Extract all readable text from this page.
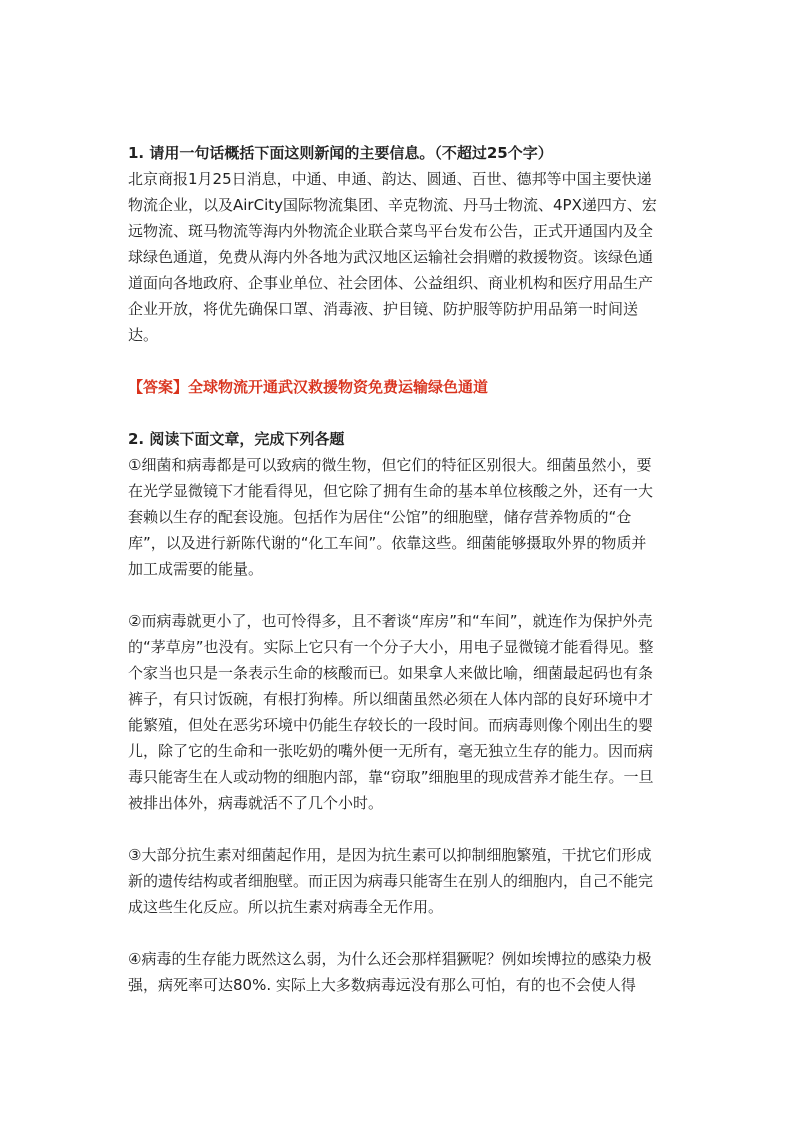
1. 请用一句话概括下面这则新闻的主要信息。（不超过25个字）
北京商报1月25日消息，中通、申通、韵达、圆通、百世、德邦等中国主要快递
物流企业，以及AirCity国际物流集团、辛克物流、丹马士物流、4PX递四方、宏
远物流、斑马物流等海内外物流企业联合菜鸟平台发布公告，正式开通国内及全
球绿色通道，免费从海内外各地为武汉地区运输社会捐赠的救援物资。该绿色通
道面向各地政府、企事业单位、社会团体、公益组织、商业机构和医疗用品生产
企业开放，将优先确保口罩、消毒液、护目镜、防护服等防护用品第一时间送
达。
【答案】全球物流开通武汉救援物资免费运输绿色通道
2. 阅读下面文章，完成下列各题
①细菌和病毒都是可以致病的微生物，但它们的特征区别很大。细菌虽然小，要
在光学显微镜下才能看得见，但它除了拥有生命的基本单位核酸之外，还有一大
套赖以生存的配套设施。包括作为居住“公馆”的细胞壁，储存营养物质的“仓
库”，以及进行新陈代谢的“化工车间”。依靠这些。细菌能够摄取外界的物质并
加工成需要的能量。
②而病毒就更小了，也可怜得多，且不奢谈“库房”和“车间”，就连作为保护外壳
的“茅草房”也没有。实际上它只有一个分子大小，用电子显微镜才能看得见。整
个家当也只是一条表示生命的核酸而已。如果拿人来做比喻，细菌最起码也有条
裤子，有只讨饭碗，有根打狗棒。所以细菌虽然必须在人体内部的良好环境中才
能繁殖，但处在恶劣环境中仍能生存较长的一段时间。而病毒则像个刚出生的婴
儿，除了它的生命和一张吃奶的嘴外便一无所有，毫无独立生存的能力。因而病
毒只能寄生在人或动物的细胞内部，靠“窃取”细胞里的现成营养才能生存。一旦
被排出体外，病毒就活不了几个小时。
③大部分抗生素对细菌起作用，是因为抗生素可以抑制细胞繁殖，干扰它们形成
新的遗传结构或者细胞壁。而正因为病毒只能寄生在别人的细胞内，自己不能完
成这些生化反应。所以抗生素对病毒全无作用。
④病毒的生存能力既然这么弱，为什么还会那样猖獗呢？例如埃博拉的感染力极
强，病死率可达80%. 实际上大多数病毒远没有那么可怕，有的也不会使人得
